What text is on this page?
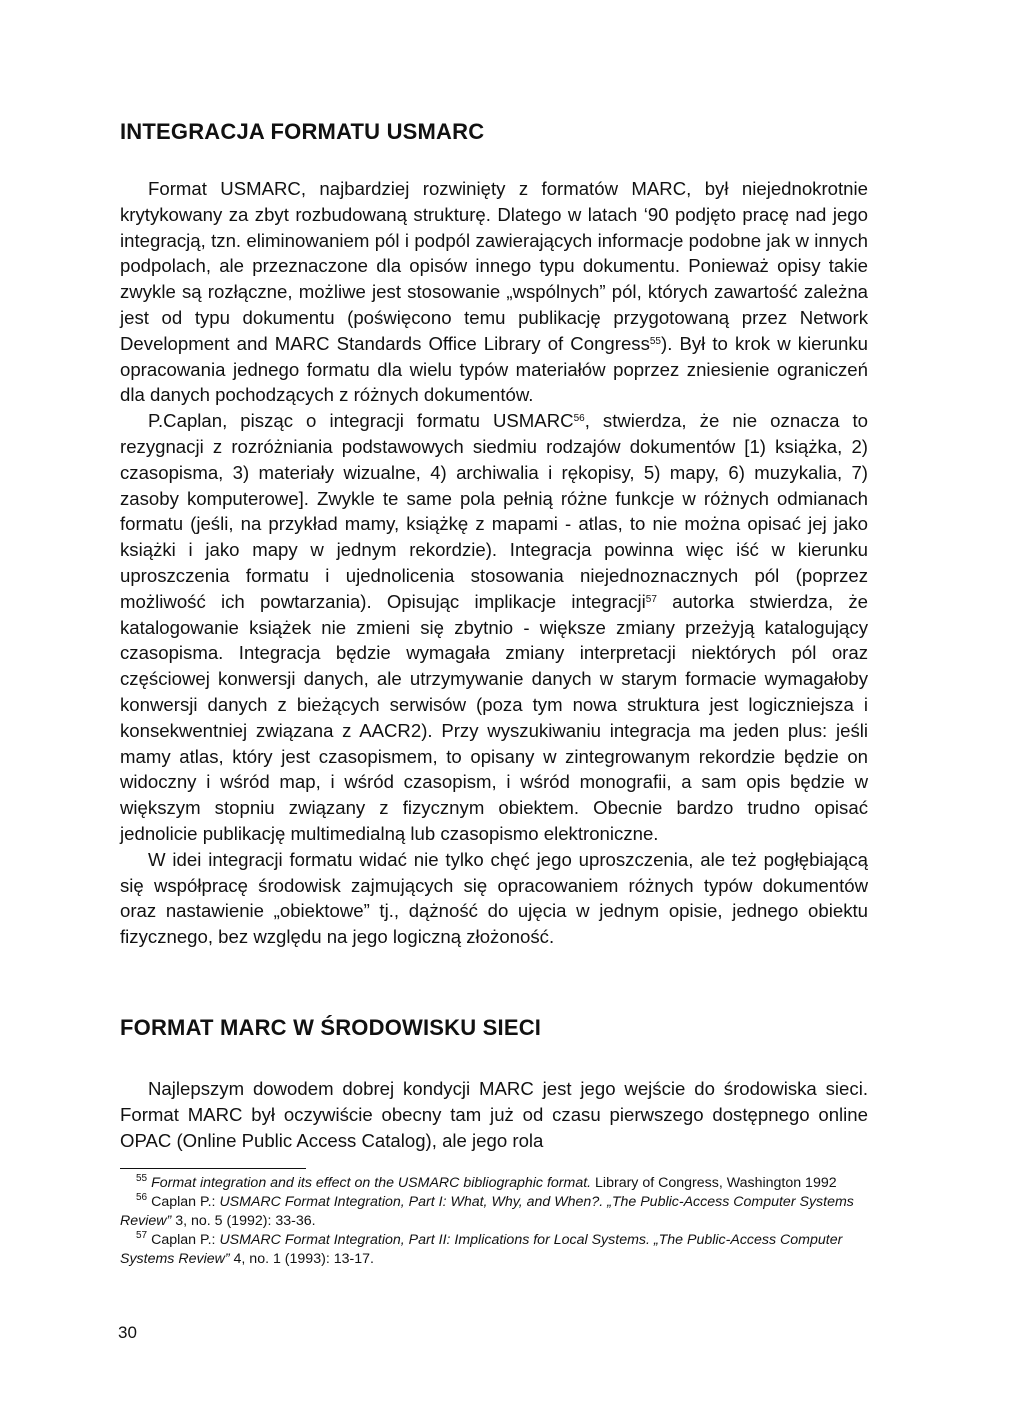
INTEGRACJA FORMATU USMARC

Format USMARC, najbardziej rozwinięty z formatów MARC, był niejednokrotnie krytykowany za zbyt rozbudowaną strukturę. Dlatego w latach ‘90 podjęto pracę nad jego integracją, tzn. eliminowaniem pól i podpól zawierających informacje podobne jak w innych podpolach, ale przeznaczone dla opisów innego typu dokumentu. Ponieważ opisy takie zwykle są rozłączne, możliwe jest stosowanie „wspólnych” pól, których zawartość zależna jest od typu dokumentu (poświęcono temu publikację przygotowaną przez Network Development and MARC Standards Office Library of Congress$^{55}$). Był to krok w kierunku opracowania jednego formatu dla wielu typów materiałów poprzez zniesienie ograniczeń dla danych pochodzących z różnych dokumentów.

P.Caplan, pisząc o integracji formatu USMARC$^{56}$, stwierdza, że nie oznacza to rezygnacji z rozróżniania podstawowych siedmiu rodzajów dokumentów [1) książka, 2) czasopisma, 3) materiały wizualne, 4) archiwalia i rękopisy, 5) mapy, 6) muzykalia, 7) zasoby komputerowe]. Zwykle te same pola pełnią różne funkcje w różnych odmianach formatu (jeśli, na przykład mamy, książkę z mapami - atlas, to nie można opisać jej jako książki i jako mapy w jednym rekordzie). Integracja powinna więc iść w kierunku uproszczenia formatu i ujednolicenia stosowania niejednoznacznych pól (poprzez możliwość ich powtarzania). Opisując implikacje integracji$^{57}$ autorka stwierdza, że katalogowanie książek nie zmieni się zbytnio - większe zmiany przeżyją katalogujący czasopisma. Integracja będzie wymagała zmiany interpretacji niektórych pól oraz częściowej konwersji danych, ale utrzymywanie danych w starym formacie wymagałoby konwersji danych z bieżących serwisów (poza tym nowa struktura jest logiczniejsza i konsekwentniej związana z AACR2). Przy wyszukiwaniu integracja ma jeden plus: jeśli mamy atlas, który jest czasopismem, to opisany w zintegrowanym rekordzie będzie on widoczny i wśród map, i wśród czasopism, i wśród monografii, a sam opis będzie w większym stopniu związany z fizycznym obiektem. Obecnie bardzo trudno opisać jednolicie publikację multimedialną lub czasopismo elektroniczne.

W idei integracji formatu widać nie tylko chęć jego uproszczenia, ale też pogłębiającą się współpracę środowisk zajmujących się opracowaniem różnych typów dokumentów oraz nastawienie „obiektowe” tj., dążność do ujęcia w jednym opisie, jednego obiektu fizycznego, bez względu na jego logiczną złożoność.

FORMAT MARC W ŚRODOWISKU SIECI

Najlepszym dowodem dobrej kondycji MARC jest jego wejście do środowiska sieci. Format MARC był oczywiście obecny tam już od czasu pierwszego dostępnego online OPAC (Online Public Access Catalog), ale jego rola

$^{55}$ Format integration and its effect on the USMARC bibliographic format. Library of Congress, Washington 1992

$^{56}$ Caplan P.: USMARC Format Integration, Part I: What, Why, and When?. „The Public-Access Computer Systems Review” 3, no. 5 (1992): 33-36.

$^{57}$ Caplan P.: USMARC Format Integration, Part II: Implications for Local Systems. „The Public-Access Computer Systems Review” 4, no. 1 (1993): 13-17.

30
